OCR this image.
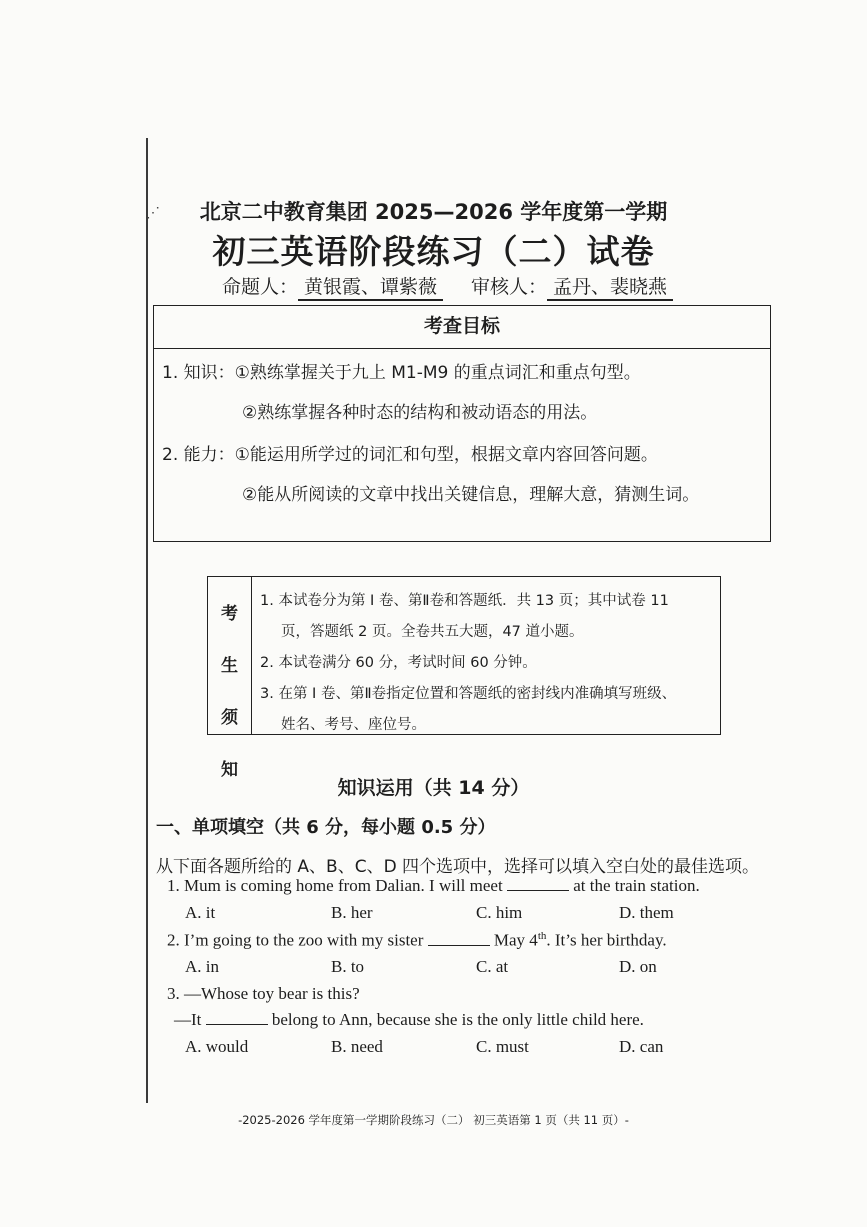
⋰	北京二中教育集团 2025—2026 学年度第一学期
初三英语阶段练习（二）试卷
命题人： 黄银霞、谭紫薇 审核人： 孟丹、裴晓燕
考查目标
1. 知识：①熟练掌握关于九上 M1-M9 的重点词汇和重点句型。
②熟练掌握各种时态的结构和被动语态的用法。
2. 能力：①能运用所学过的词汇和句型，根据文章内容回答问题。
②能从所阅读的文章中找出关键信息，理解大意，猜测生词。
考
生
须
知
1. 本试卷分为第 I 卷、第Ⅱ卷和答题纸．共 13 页；其中试卷 11
页，答题纸 2 页。全卷共五大题，47 道小题。
2. 本试卷满分 60 分，考试时间 60 分钟。
3. 在第 I 卷、第Ⅱ卷指定位置和答题纸的密封线内准确填写班级、
姓名、考号、座位号。
知识运用（共 14 分）
一、单项填空（共 6 分，每小题 0.5 分）
从下面各题所给的 A、B、C、D 四个选项中，选择可以填入空白处的最佳选项。
1. Mum is coming home from Dalian. I will meet	at the train station.
A. it	B. her	C. him	D. them
2. I’m going to the zoo with my sister	May 4th. It’s her birthday.
A. in	B. to	C. at	D. on
3. —Whose toy bear is this?
—It	belong to Ann, because she is the only little child here.
A. would	B. need	C. must	D. can
-2025-2026 学年度第一学期阶段练习（二） 初三英语第 1 页（共 11 页）-
